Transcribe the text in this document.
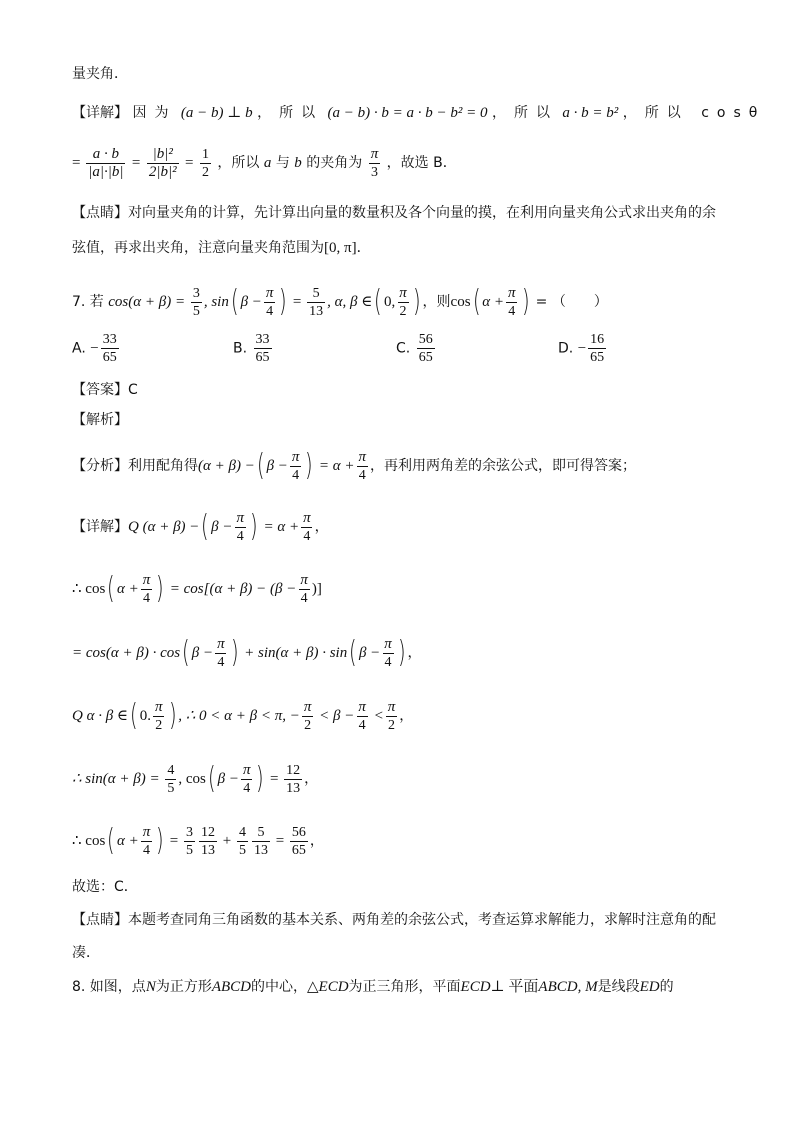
量夹角．
【详解】 因为 (a − b) ⊥ b ，所以 (a − b) · b = a · b − b² = 0 ，所以 a · b = b² ，所以 cosθ
= $\frac{a \cdot b}{|a|\cdot|b|} = \frac{\text{|b|²}}{\text{2|b|²}} = \frac{1}{2}$ ，所以 a 与 b 的夹角为 $\frac{\pi}{3}$ ，故选 B．
【点睛】对向量夹角的计算，先计算出向量的数量积及各个向量的摸，在利用向量夹角公式求出夹角的余
弦值，再求出夹角，注意向量夹角范围为[0, π]．
7. 若 $\cos(\alpha + \beta) = \frac{3}{5}$ , sin( $\beta - \frac{\pi}{4}$ ) = $\frac{5}{13}$ , α, β ∈( 0, $\frac{\pi}{2}$ ) ，则cos( $\alpha + \frac{\pi}{4}$ ) = （　　）
A. − $\frac{33}{65}$	B. $\frac{33}{65}$	C. $\frac{56}{65}$	D. − $\frac{16}{65}$
【答案】C
【解析】
【分析】利用配角得(α + β) −( $\beta - \frac{\pi}{4}$ ) = $\alpha + \frac{\pi}{4}$ ，再利用两角差的余弦公式，即可得答案；
【详解】Q (α + β) −( $\beta - \frac{\pi}{4}$ ) = $\alpha + \frac{\pi}{4}$ ，
∴ cos( $\alpha + \frac{\pi}{4}$ ) = $\cos[(\alpha + \beta) - (\beta - \frac{\pi}{4}$ )]
= cos(α + β) · cos( $\beta - \frac{\pi}{4}$ ) + sin(α + β) · sin( $\beta - \frac{\pi}{4}$ ) ，
Q α · β ∈( 0. $\frac{\pi}{2}$ ) , ∴ 0 < α + β < π, − $\frac{\pi}{2} < \beta - \frac{\pi}{4} < \frac{\pi}{2}$ ，
∴ $\sin(\alpha + \beta) = \frac{4}{5}$ , cos( $\beta - \frac{\pi}{4}$ ) = $\frac{12}{13}$ ，
∴ cos( $\alpha + \frac{\pi}{4}$ ) = $\frac{3}{5} \frac{12}{13} + \frac{4}{5} \frac{5}{13} = \frac{56}{65}$ ，
故选：C．
【点睛】本题考查同角三角函数的基本关系、两角差的余弦公式，考查运算求解能力，求解时注意角的配
凑．
8. 如图，点N为正方形ABCD的中心，△ECD为正三角形，平面ECD⊥ 平面ABCD, M是线段ED的
